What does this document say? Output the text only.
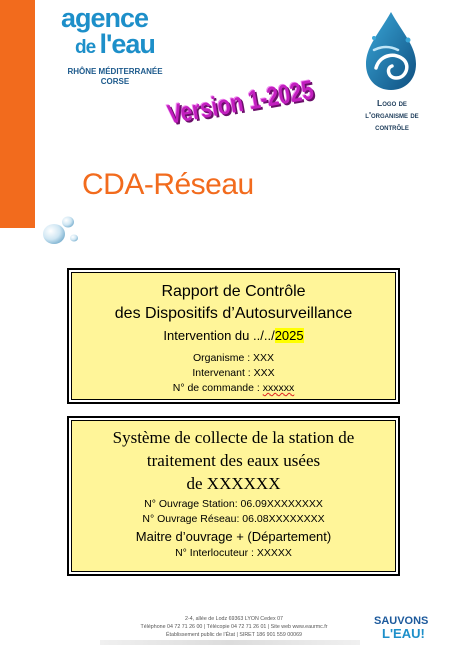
agence
de l'eau
RHÔNE MÉDITERRANÉE
CORSE
Logo de
l'organisme de
contrôle
Version 1-2025
CDA-Réseau
Rapport de Contrôle
des Dispositifs d’Autosurveillance
Intervention du ../../2025
Organisme : XXX
Intervenant : XXX
N° de commande : xxxxxx
Système de collecte de la station de
traitement des eaux usées
de XXXXXX
N° Ouvrage Station: 06.09XXXXXXXX
N° Ouvrage Réseau: 06.08XXXXXXXX
Maitre d’ouvrage + (Département)
N° Interlocuteur : XXXXX
2-4, allée de Lodz 69363 LYON Cedex 07
Téléphone 04 72 71 26 00 | Télécopie 04 72 71 26 01 | Site web www.eaurmc.fr
Établissement public de l'État | SIRET 186 901 559 00069
SAUVONS
L'EAU!
